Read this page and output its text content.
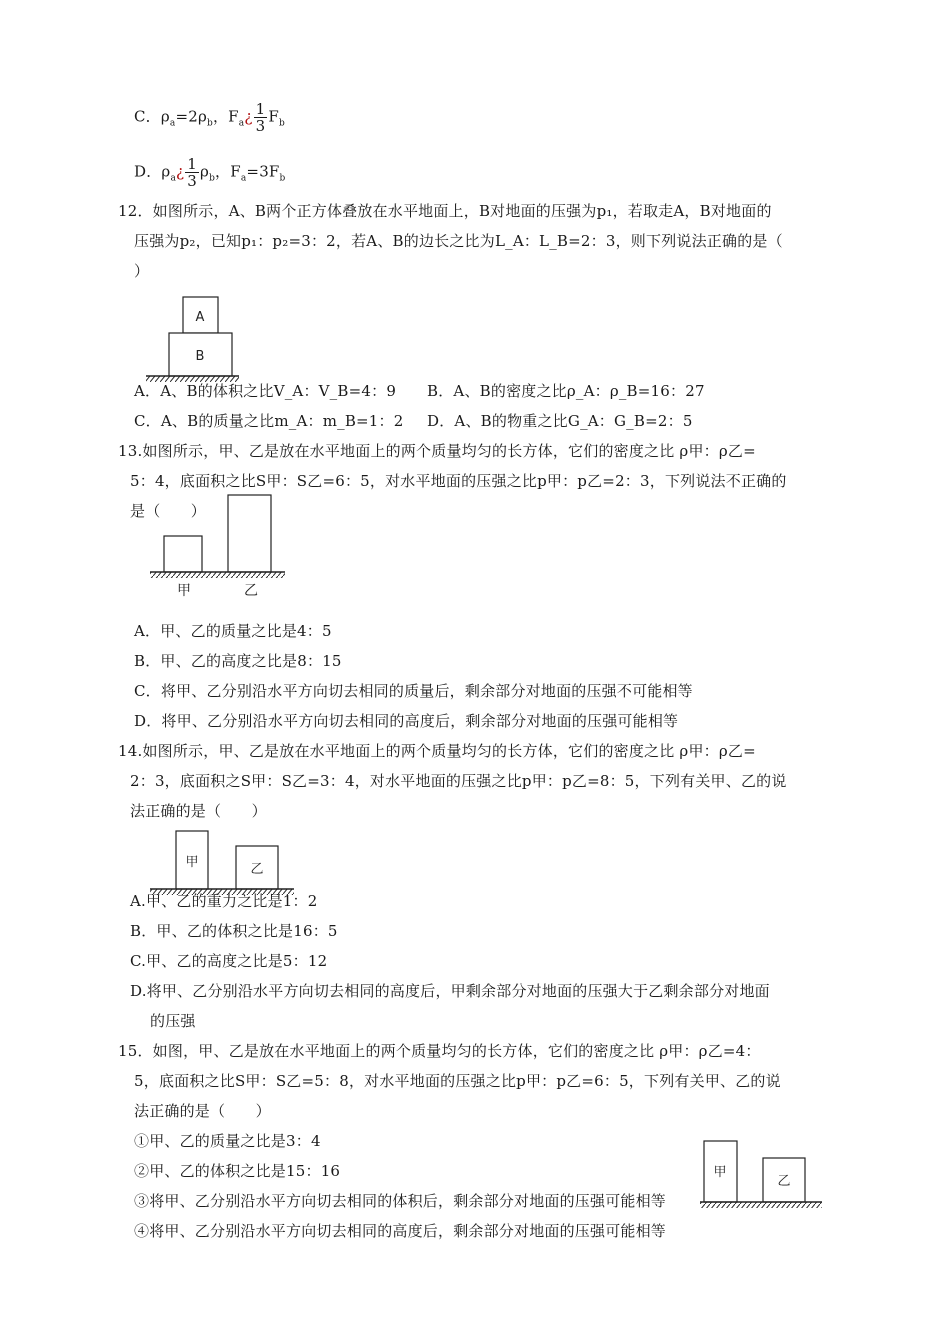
C．$\rho_a=2\rho_b$，$F_a¿ \frac{1}{3} F_b$
D．$\rho_a¿ \frac{1}{3} \rho_b$，$F_a=3F_b$
12．如图所示，A、B两个正方体叠放在水平地面上，B对地面的压强为p₁，若取走A，B对地面的
压强为p₂，已知p₁：p₂=3：2，若A、B的边长之比为L_A：L_B=2：3，则下列说法正确的是（
）
A
B
A．A、B的体积之比V_A：V_B=4：9 B．A、B的密度之比ρ_A：ρ_B=16：27
C．A、B的质量之比m_A：m_B=1：2 D．A、B的物重之比G_A：G_B=2：5
13.如图所示，甲、乙是放在水平地面上的两个质量均匀的长方体，它们的密度之比 ρ甲：ρ乙=
5：4，底面积之比S甲：S乙=6：5，对水平地面的压强之比p甲：p乙=2：3，下列说法不正确的
是（　　）
甲	乙
A．甲、乙的质量之比是4：5
B．甲、乙的高度之比是8：15
C．将甲、乙分别沿水平方向切去相同的质量后，剩余部分对地面的压强不可能相等
D．将甲、乙分别沿水平方向切去相同的高度后，剩余部分对地面的压强可能相等
14.如图所示，甲、乙是放在水平地面上的两个质量均匀的长方体，它们的密度之比 ρ甲：ρ乙=
2：3，底面积之S甲：S乙=3：4，对水平地面的压强之比p甲：p乙=8：5，下列有关甲、乙的说
法正确的是（　　）
甲	乙
A.甲、乙的重力之比是1：2
B．甲、乙的体积之比是16：5
C.甲、乙的高度之比是5：12
D.将甲、乙分别沿水平方向切去相同的高度后，甲剩余部分对地面的压强大于乙剩余部分对地面
的压强
15．如图，甲、乙是放在水平地面上的两个质量均匀的长方体，它们的密度之比 ρ甲：ρ乙=4：
5，底面积之比S甲：S乙=5：8，对水平地面的压强之比p甲：p乙=6：5，下列有关甲、乙的说
法正确的是（　　）
①甲、乙的质量之比是3：4
②甲、乙的体积之比是15：16
③将甲、乙分别沿水平方向切去相同的体积后，剩余部分对地面的压强可能相等
④将甲、乙分别沿水平方向切去相同的高度后，剩余部分对地面的压强可能相等
甲
乙
